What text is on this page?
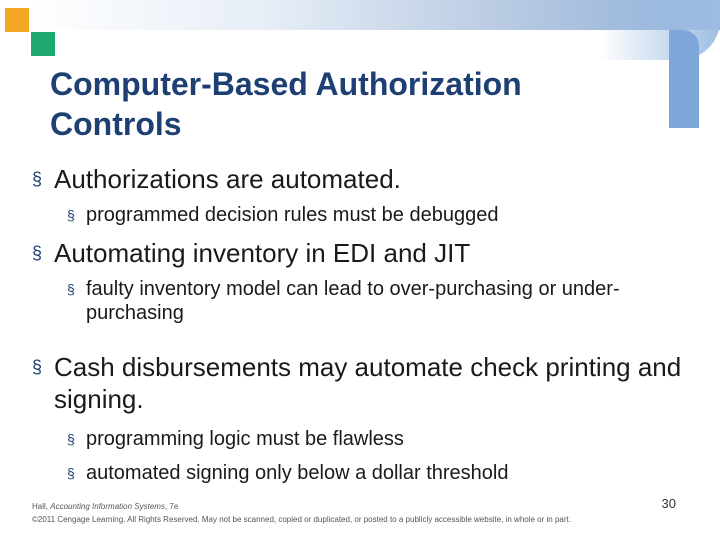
Computer-Based Authorization Controls
§ Authorizations are automated.
§ programmed decision rules must be debugged
§ Automating inventory in EDI and JIT
§ faulty inventory model can lead to over-purchasing or under-purchasing
§ Cash disbursements may automate check printing and signing.
§ programming logic must be flawless
§ automated signing only below a dollar threshold
Hall, Accounting Information Systems, 7e
©2011 Cengage Learning. All Rights Reserved. May not be scanned, copied or duplicated, or posted to a publicly accessible website, in whole or in part.
30
